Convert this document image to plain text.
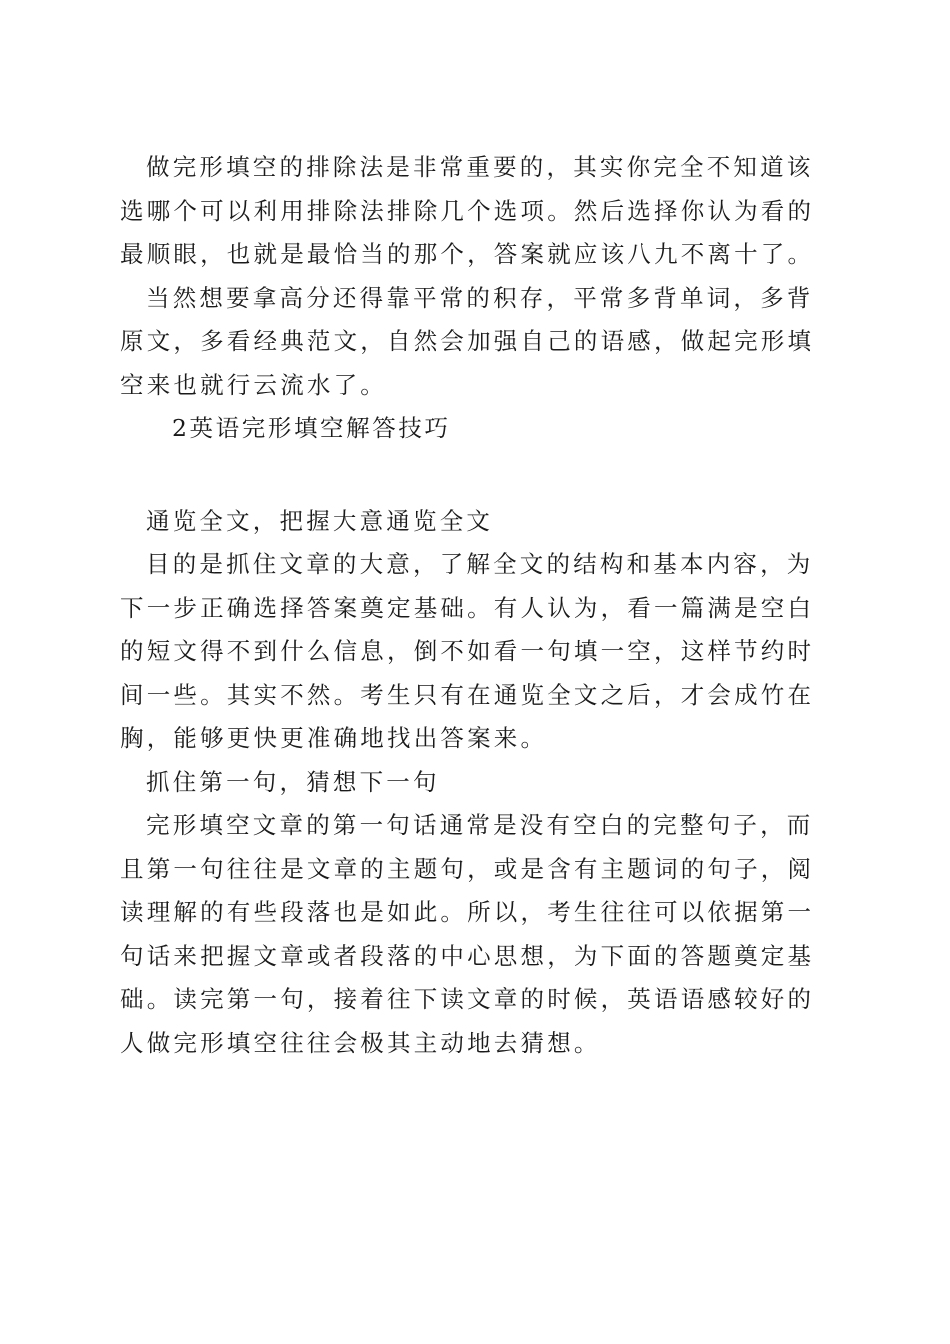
做完形填空的排除法是非常重要的，其实你完全不知道该选哪个可以利用排除法排除几个选项。然后选择你认为看的最顺眼，也就是最恰当的那个，答案就应该八九不离十了。

当然想要拿高分还得靠平常的积存，平常多背单词，多背原文，多看经典范文，自然会加强自己的语感，做起完形填空来也就行云流水了。

2英语完形填空解答技巧

通览全文，把握大意通览全文

目的是抓住文章的大意，了解全文的结构和基本内容，为下一步正确选择答案奠定基础。有人认为，看一篇满是空白的短文得不到什么信息，倒不如看一句填一空，这样节约时间一些。其实不然。考生只有在通览全文之后，才会成竹在胸，能够更快更准确地找出答案来。

抓住第一句，猜想下一句

完形填空文章的第一句话通常是没有空白的完整句子，而且第一句往往是文章的主题句，或是含有主题词的句子，阅读理解的有些段落也是如此。所以，考生往往可以依据第一句话来把握文章或者段落的中心思想，为下面的答题奠定基础。读完第一句，接着往下读文章的时候，英语语感较好的人做完形填空往往会极其主动地去猜想。
